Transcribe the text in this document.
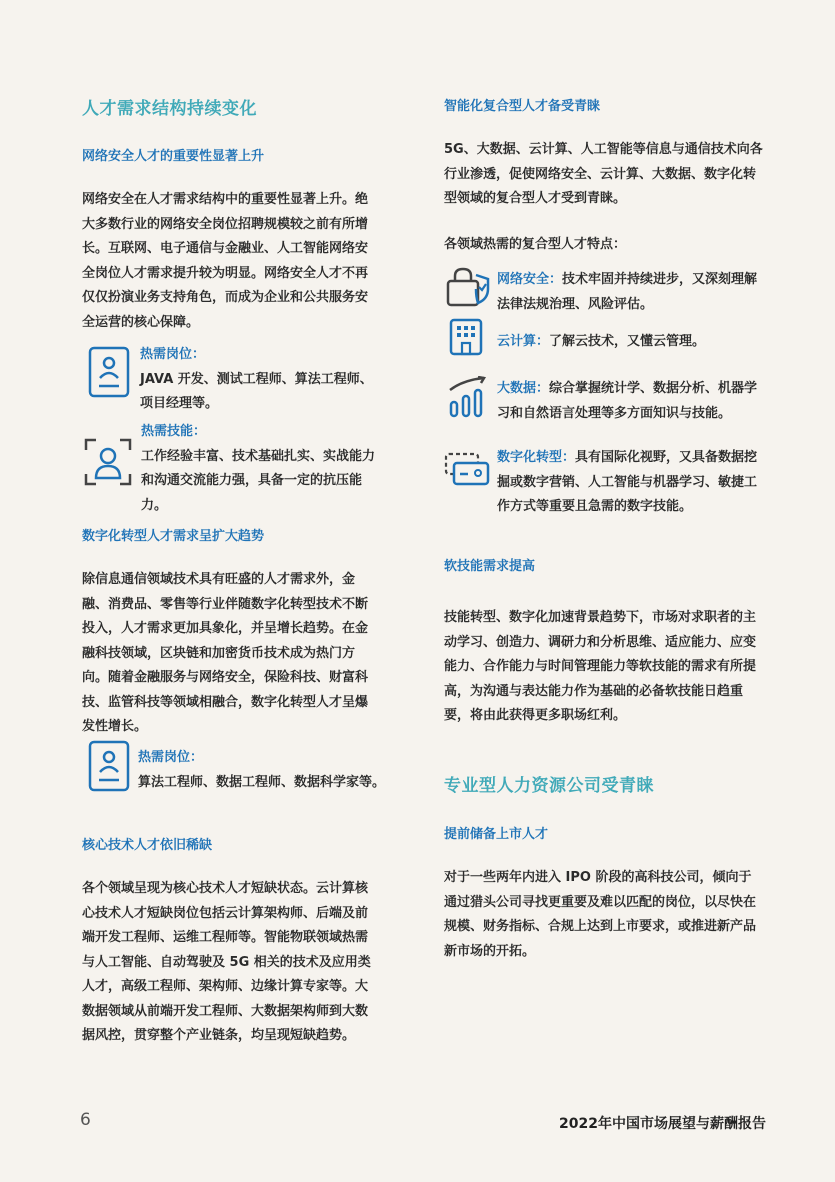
人才需求结构持续变化
网络安全人才的重要性显著上升
网络安全在人才需求结构中的重要性显著上升。绝大多数行业的网络安全岗位招聘规模较之前有所增长。互联网、电子通信与金融业、人工智能网络安全岗位人才需求提升较为明显。网络安全人才不再仅仅扮演业务支持角色，而成为企业和公共服务安全运营的核心保障。
热需岗位：
JAVA 开发、测试工程师、算法工程师、项目经理等。
热需技能：
工作经验丰富、技术基础扎实、实战能力和沟通交流能力强，具备一定的抗压能力。
数字化转型人才需求呈扩大趋势
除信息通信领域技术具有旺盛的人才需求外，金融、消费品、零售等行业伴随数字化转型技术不断投入，人才需求更加具象化，并呈增长趋势。在金融科技领域，区块链和加密货币技术成为热门方向。随着金融服务与网络安全，保险科技、财富科技、监管科技等领域相融合，数字化转型人才呈爆发性增长。
热需岗位：
算法工程师、数据工程师、数据科学家等。
核心技术人才依旧稀缺
各个领域呈现为核心技术人才短缺状态。云计算核心技术人才短缺岗位包括云计算架构师、后端及前端开发工程师、运维工程师等。智能物联领域热需与人工智能、自动驾驶及 5G 相关的技术及应用类人才，高级工程师、架构师、边缘计算专家等。大数据领域从前端开发工程师、大数据架构师到大数据风控，贯穿整个产业链条，均呈现短缺趋势。
智能化复合型人才备受青睐
5G、大数据、云计算、人工智能等信息与通信技术向各行业渗透，促使网络安全、云计算、大数据、数字化转型领域的复合型人才受到青睐。
各领域热需的复合型人才特点：
网络安全：技术牢固并持续进步，又深刻理解法律法规治理、风险评估。
云计算：了解云技术，又懂云管理。
大数据：综合掌握统计学、数据分析、机器学习和自然语言处理等多方面知识与技能。
数字化转型：具有国际化视野，又具备数据挖掘或数字营销、人工智能与机器学习、敏捷工作方式等重要且急需的数字技能。
软技能需求提高
技能转型、数字化加速背景趋势下，市场对求职者的主动学习、创造力、调研力和分析思维、适应能力、应变能力、合作能力与时间管理能力等软技能的需求有所提高，为沟通与表达能力作为基础的必备软技能日趋重要，将由此获得更多职场红利。
专业型人力资源公司受青睐
提前储备上市人才
对于一些两年内进入 IPO 阶段的高科技公司，倾向于通过猎头公司寻找更重要及难以匹配的岗位，以尽快在规模、财务指标、合规上达到上市要求，或推进新产品新市场的开拓。
6	2022年中国市场展望与薪酬报告
